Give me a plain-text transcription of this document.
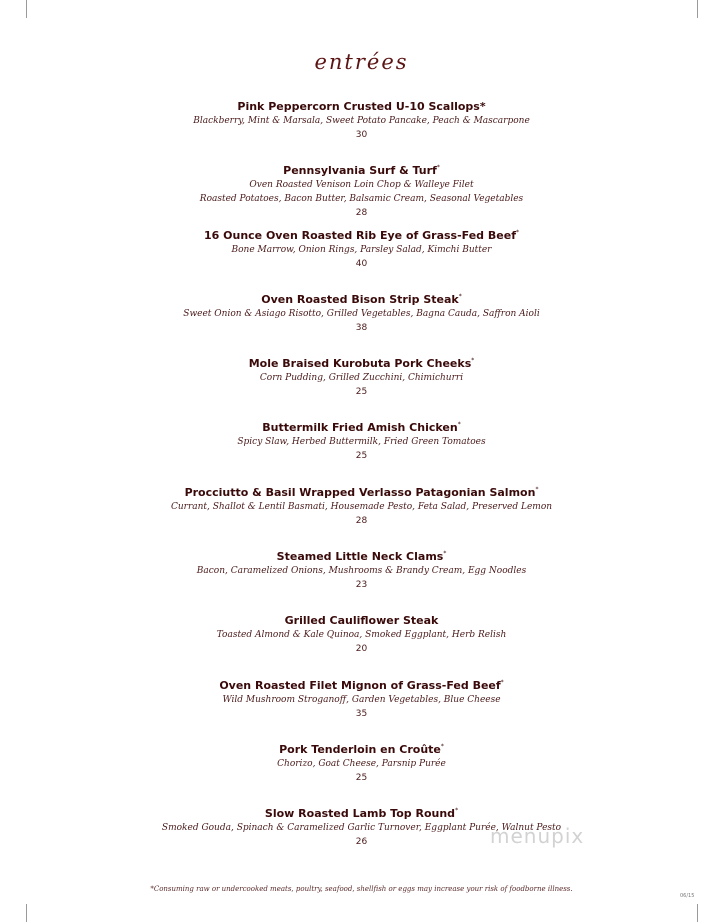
entrées
Pink Peppercorn Crusted U-10 Scallops*
Blackberry, Mint & Marsala, Sweet Potato Pancake, Peach & Mascarpone
30
Pennsylvania Surf & Turf*
Oven Roasted Venison Loin Chop & Walleye Filet
Roasted Potatoes, Bacon Butter, Balsamic Cream, Seasonal Vegetables
28
16 Ounce Oven Roasted Rib Eye of Grass-Fed Beef*
Bone Marrow, Onion Rings, Parsley Salad, Kimchi Butter
40
Oven Roasted Bison Strip Steak*
Sweet Onion & Asiago Risotto, Grilled Vegetables, Bagna Cauda, Saffron Aioli
38
Mole Braised Kurobuta Pork Cheeks*
Corn Pudding, Grilled Zucchini, Chimichurri
25
Buttermilk Fried Amish Chicken*
Spicy Slaw, Herbed Buttermilk, Fried Green Tomatoes
25
Procciutto & Basil Wrapped Verlasso Patagonian Salmon*
Currant, Shallot & Lentil Basmati, Housemade Pesto, Feta Salad, Preserved Lemon
28
Steamed Little Neck Clams*
Bacon, Caramelized Onions, Mushrooms & Brandy Cream, Egg Noodles
23
Grilled Cauliflower Steak
Toasted Almond & Kale Quinoa, Smoked Eggplant, Herb Relish
20
Oven Roasted Filet Mignon of Grass-Fed Beef*
Wild Mushroom Stroganoff, Garden Vegetables, Blue Cheese
35
Pork Tenderloin en Croûte*
Chorizo, Goat Cheese, Parsnip Purée
25
Slow Roasted Lamb Top Round*
Smoked Gouda, Spinach & Caramelized Garlic Turnover, Eggplant Purée, Walnut Pesto
26	menupix
*Consuming raw or undercooked meats, poultry, seafood, shellfish or eggs may increase your risk of foodborne illness.
06/15
